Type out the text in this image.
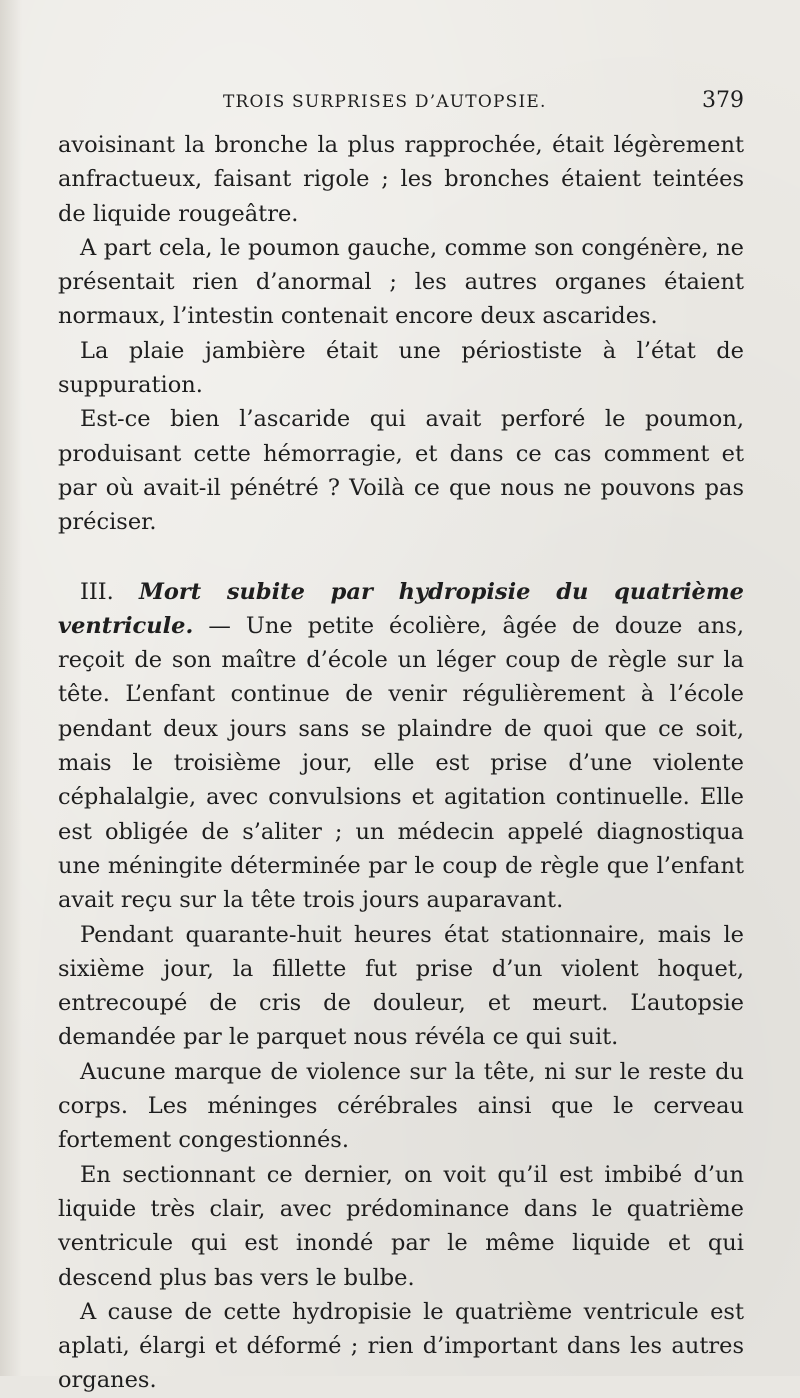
TROIS SURPRISES D’AUTOPSIE.	379

avoisinant la bronche la plus rapprochée, était légèrement anfractueux, faisant rigole ; les bronches étaient teintées de liquide rougeâtre.

A part cela, le poumon gauche, comme son congénère, ne présentait rien d’anormal ; les autres organes étaient normaux, l’intestin contenait encore deux ascarides.

La plaie jambière était une périostiste à l’état de suppuration.

Est-ce bien l’ascaride qui avait perforé le poumon, produisant cette hémorragie, et dans ce cas comment et par où avait-il pénétré ? Voilà ce que nous ne pouvons pas préciser.

III. Mort subite par hydropisie du quatrième ventricule. — Une petite écolière, âgée de douze ans, reçoit de son maître d’école un léger coup de règle sur la tête. L’enfant continue de venir régulièrement à l’école pendant deux jours sans se plaindre de quoi que ce soit, mais le troisième jour, elle est prise d’une violente céphalalgie, avec convulsions et agitation continuelle. Elle est obligée de s’aliter ; un médecin appelé diagnostiqua une méningite déterminée par le coup de règle que l’enfant avait reçu sur la tête trois jours auparavant.

Pendant quarante-huit heures état stationnaire, mais le sixième jour, la fillette fut prise d’un violent hoquet, entrecoupé de cris de douleur, et meurt. L’autopsie demandée par le parquet nous révéla ce qui suit.

Aucune marque de violence sur la tête, ni sur le reste du corps. Les méninges cérébrales ainsi que le cerveau fortement congestionnés.

En sectionnant ce dernier, on voit qu’il est imbibé d’un liquide très clair, avec prédominance dans le quatrième ventricule qui est inondé par le même liquide et qui descend plus bas vers le bulbe.

A cause de cette hydropisie le quatrième ventricule est aplati, élargi et déformé ; rien d’important dans les autres organes.
